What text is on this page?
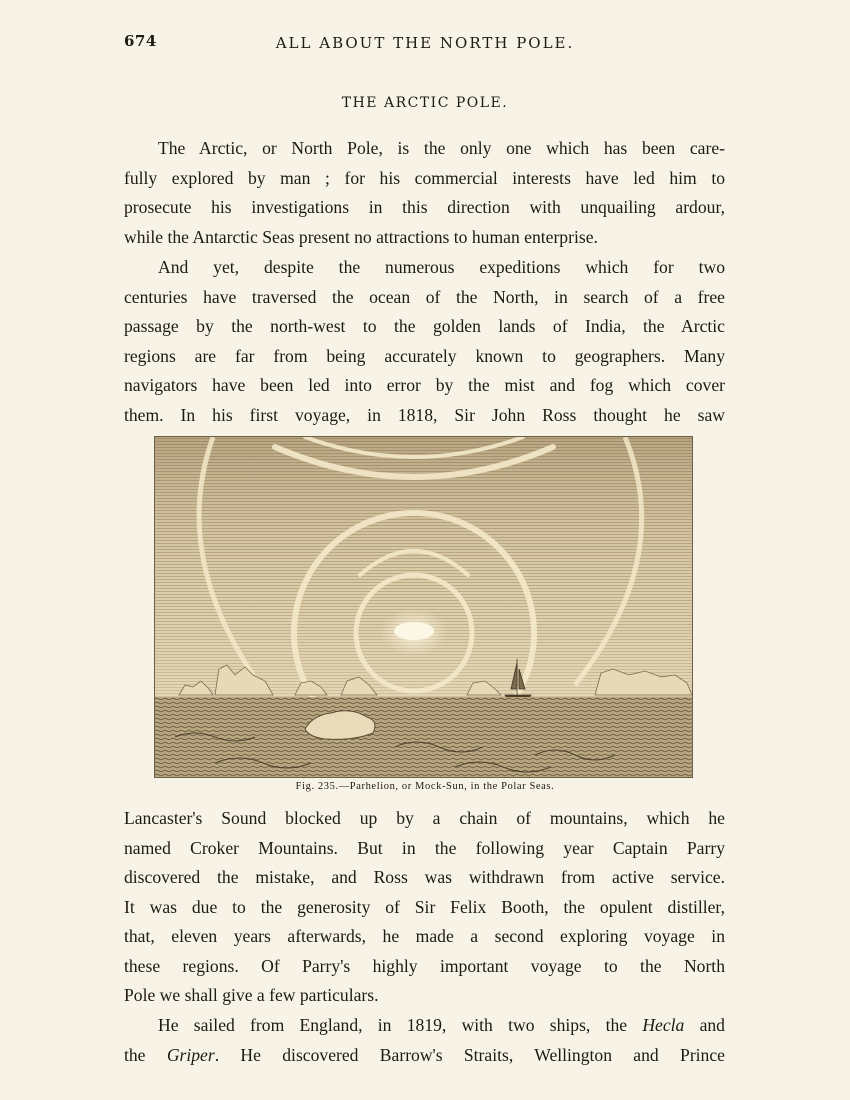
674	ALL ABOUT THE NORTH POLE.
THE ARCTIC POLE.
The Arctic, or North Pole, is the only one which has been care-
fully explored by man ; for his commercial interests have led him to
prosecute his investigations in this direction with unquailing ardour,
while the Antarctic Seas present no attractions to human enterprise.
And yet, despite the numerous expeditions which for two
centuries have traversed the ocean of the North, in search of a free
passage by the north-west to the golden lands of India, the Arctic
regions are far from being accurately known to geographers. Many
navigators have been led into error by the mist and fog which cover
them. In his first voyage, in 1818, Sir John Ross thought he saw
Fig. 235.—Parhelion, or Mock-Sun, in the Polar Seas.
Lancaster's Sound blocked up by a chain of mountains, which he
named Croker Mountains. But in the following year Captain Parry
discovered the mistake, and Ross was withdrawn from active service.
It was due to the generosity of Sir Felix Booth, the opulent distiller,
that, eleven years afterwards, he made a second exploring voyage in
these regions. Of Parry's highly important voyage to the North
Pole we shall give a few particulars.
He sailed from England, in 1819, with two ships, the Hecla and
the Griper. He discovered Barrow's Straits, Wellington and Prince
